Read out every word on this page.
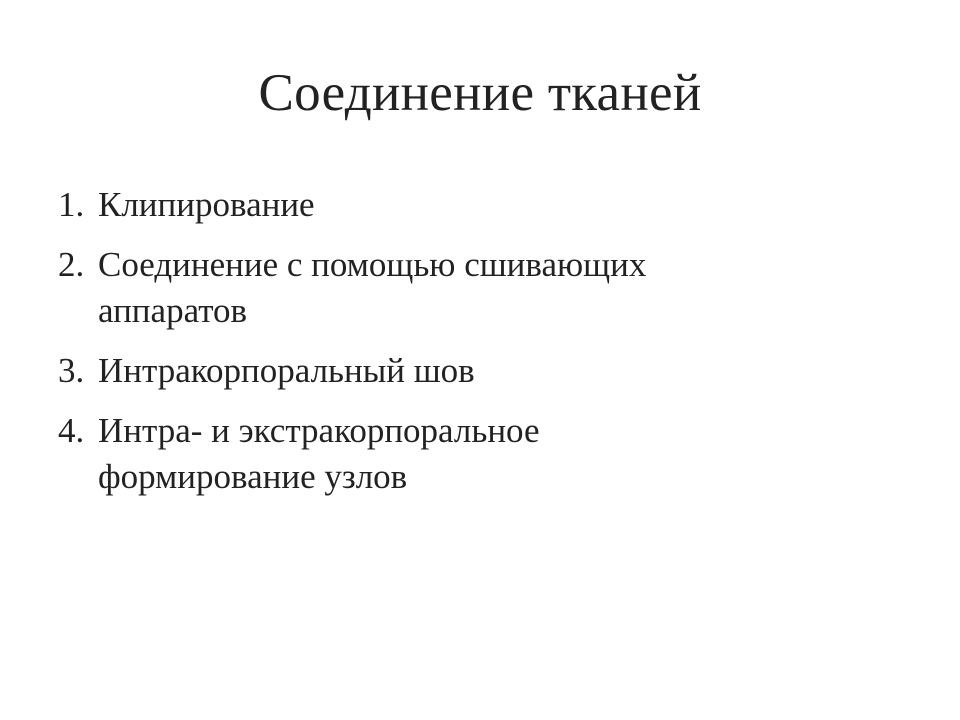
Соединение тканей
1. Клипирование
2. Соединение с помощью сшивающих
аппаратов
3. Интракорпоральный шов
4. Интра- и экстракорпоральное
формирование узлов
